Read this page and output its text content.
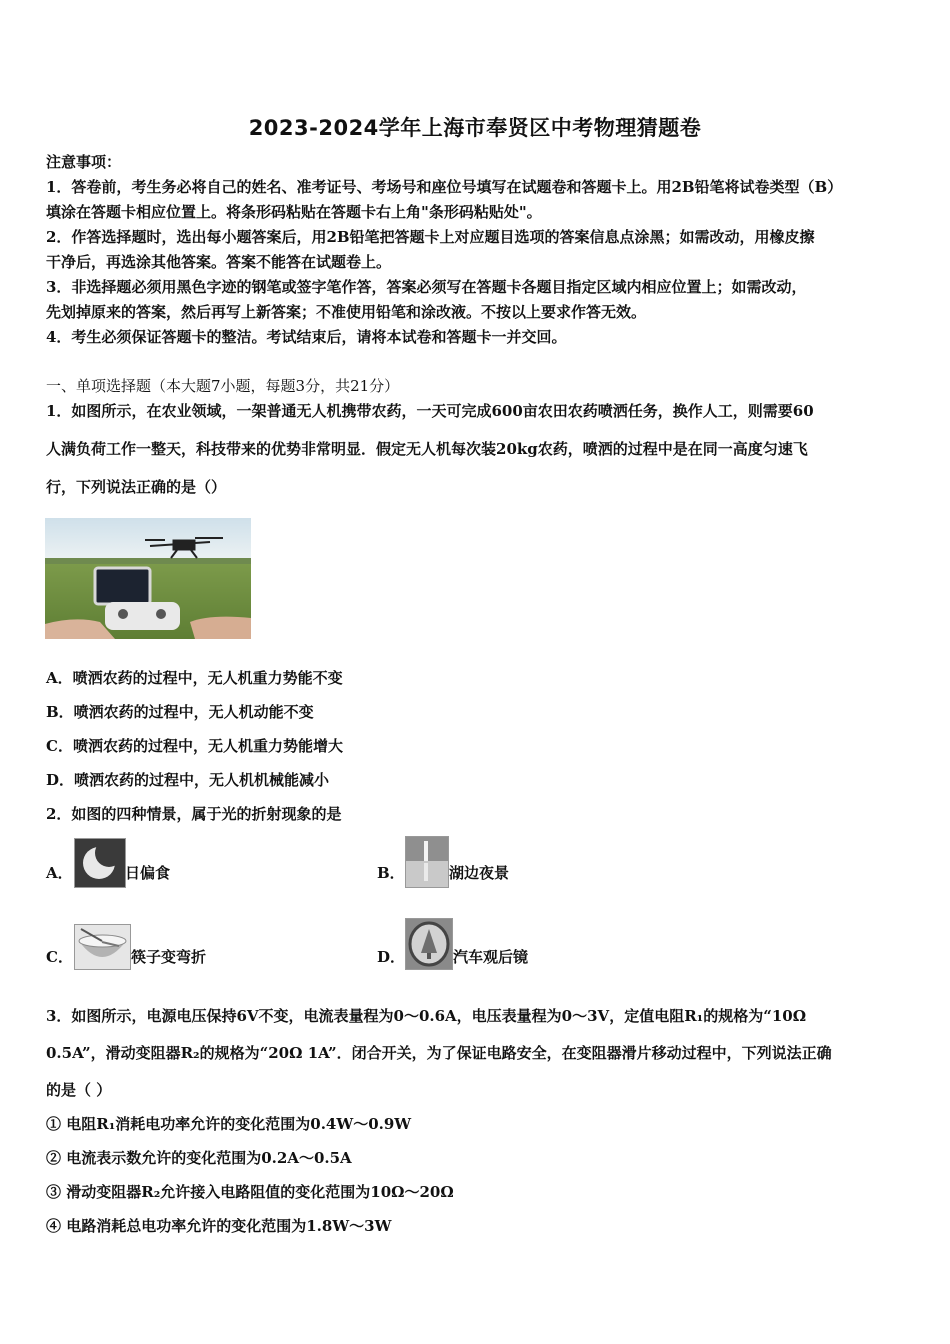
2023-2024学年上海市奉贤区中考物理猜题卷
注意事项：
1．答卷前，考生务必将自己的姓名、准考证号、考场号和座位号填写在试题卷和答题卡上。用2B铅笔将试卷类型（B）
填涂在答题卡相应位置上。将条形码粘贴在答题卡右上角"条形码粘贴处"。
2．作答选择题时，选出每小题答案后，用2B铅笔把答题卡上对应题目选项的答案信息点涂黑；如需改动，用橡皮擦
干净后，再选涂其他答案。答案不能答在试题卷上。
3．非选择题必须用黑色字迹的钢笔或签字笔作答，答案必须写在答题卡各题目指定区域内相应位置上；如需改动，
先划掉原来的答案，然后再写上新答案；不准使用铅笔和涂改液。不按以上要求作答无效。
4．考生必须保证答题卡的整洁。考试结束后，请将本试卷和答题卡一并交回。
一、单项选择题（本大题7小题，每题3分，共21分）
1．如图所示，在农业领域，一架普通无人机携带农药，一天可完成600亩农田农药喷洒任务，换作人工，则需要60
人满负荷工作一整天，科技带来的优势非常明显．假定无人机每次装20kg农药，喷洒的过程中是在同一高度匀速飞
行，下列说法正确的是（）
A．喷洒农药的过程中，无人机重力势能不变
B．喷洒农药的过程中，无人机动能不变
C．喷洒农药的过程中，无人机重力势能增大
D．喷洒农药的过程中，无人机机械能减小
2．如图的四种情景，属于光的折射现象的是
A．	日偏食	B．	湖边夜景
C．	筷子变弯折	D．	汽车观后镜
3．如图所示，电源电压保持6V不变，电流表量程为0～0.6A，电压表量程为0～3V，定值电阻R₁的规格为“10Ω
0.5A”，滑动变阻器R₂的规格为“20Ω 1A”．闭合开关，为了保证电路安全，在变阻器滑片移动过程中，下列说法正确
的是（ ）
① 电阻R₁消耗电功率允许的变化范围为0.4W～0.9W
② 电流表示数允许的变化范围为0.2A～0.5A
③ 滑动变阻器R₂允许接入电路阻值的变化范围为10Ω～20Ω
④ 电路消耗总电功率允许的变化范围为1.8W～3W
